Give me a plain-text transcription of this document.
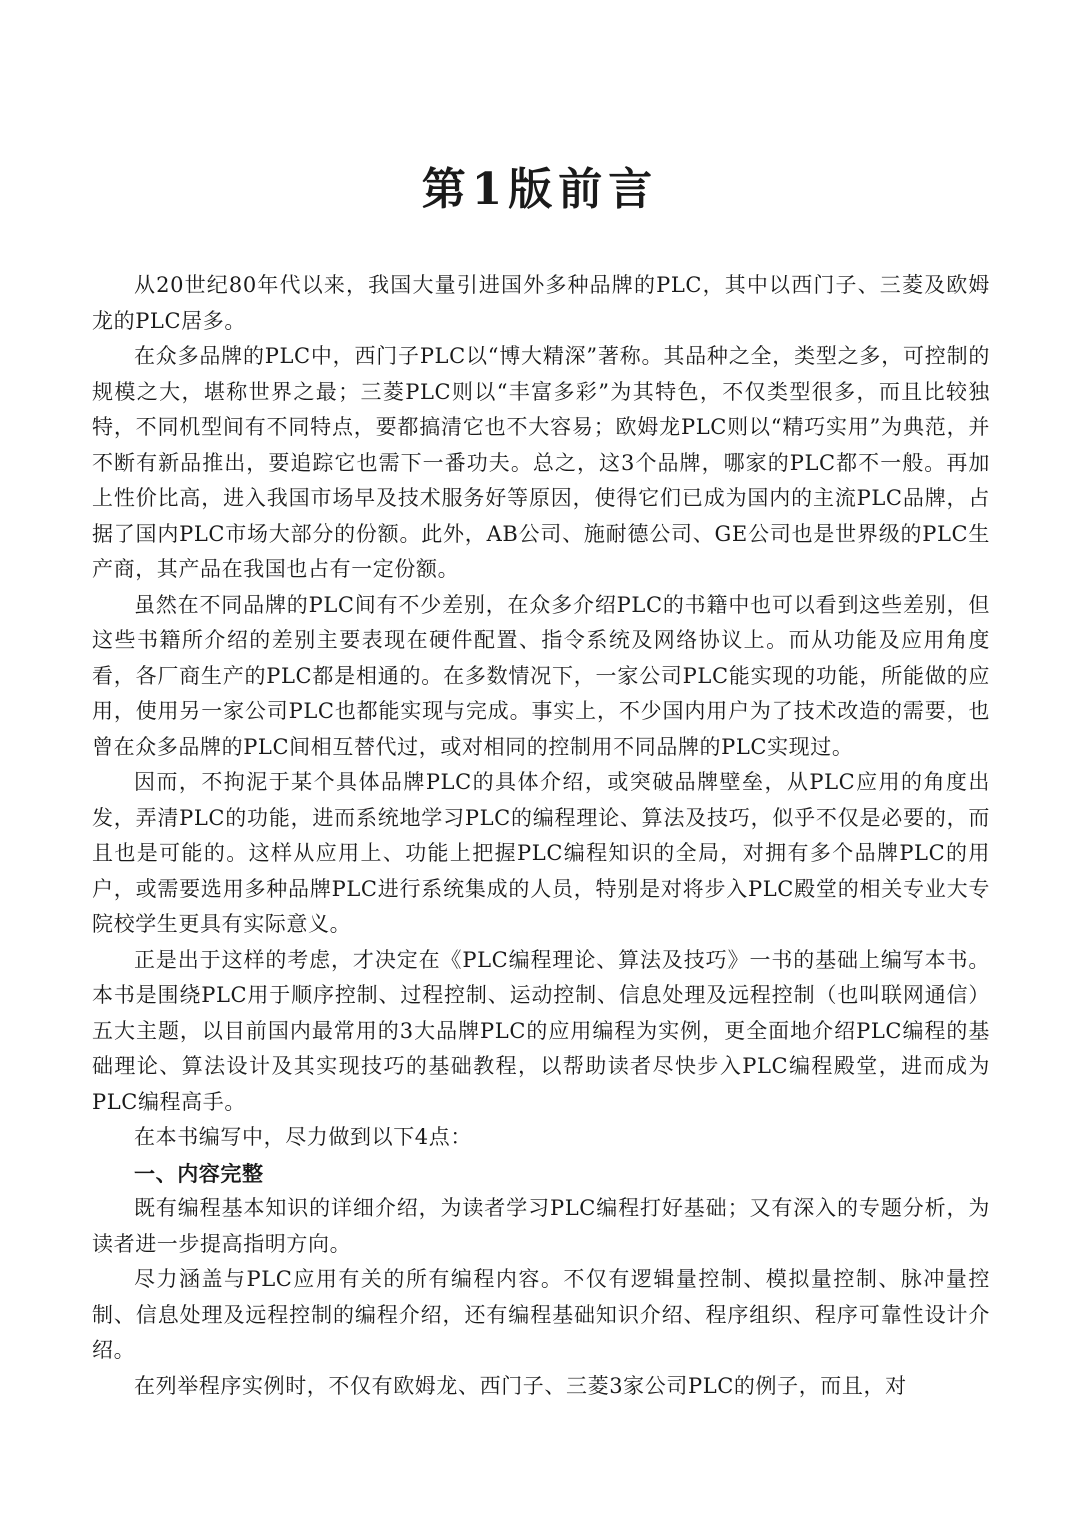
第1版前言

从20世纪80年代以来，我国大量引进国外多种品牌的PLC，其中以西门子、三菱及欧姆龙的PLC居多。

在众多品牌的PLC中，西门子PLC以“博大精深”著称。其品种之全，类型之多，可控制的规模之大，堪称世界之最；三菱PLC则以“丰富多彩”为其特色，不仅类型很多，而且比较独特，不同机型间有不同特点，要都搞清它也不大容易；欧姆龙PLC则以“精巧实用”为典范，并不断有新品推出，要追踪它也需下一番功夫。总之，这3个品牌，哪家的PLC都不一般。再加上性价比高，进入我国市场早及技术服务好等原因，使得它们已成为国内的主流PLC品牌，占据了国内PLC市场大部分的份额。此外，AB公司、施耐德公司、GE公司也是世界级的PLC生产商，其产品在我国也占有一定份额。

虽然在不同品牌的PLC间有不少差别，在众多介绍PLC的书籍中也可以看到这些差别，但这些书籍所介绍的差别主要表现在硬件配置、指令系统及网络协议上。而从功能及应用角度看，各厂商生产的PLC都是相通的。在多数情况下，一家公司PLC能实现的功能，所能做的应用，使用另一家公司PLC也都能实现与完成。事实上，不少国内用户为了技术改造的需要，也曾在众多品牌的PLC间相互替代过，或对相同的控制用不同品牌的PLC实现过。

因而，不拘泥于某个具体品牌PLC的具体介绍，或突破品牌壁垒，从PLC应用的角度出发，弄清PLC的功能，进而系统地学习PLC的编程理论、算法及技巧，似乎不仅是必要的，而且也是可能的。这样从应用上、功能上把握PLC编程知识的全局，对拥有多个品牌PLC的用户，或需要选用多种品牌PLC进行系统集成的人员，特别是对将步入PLC殿堂的相关专业大专院校学生更具有实际意义。

正是出于这样的考虑，才决定在《PLC编程理论、算法及技巧》一书的基础上编写本书。本书是围绕PLC用于顺序控制、过程控制、运动控制、信息处理及远程控制（也叫联网通信）五大主题，以目前国内最常用的3大品牌PLC的应用编程为实例，更全面地介绍PLC编程的基础理论、算法设计及其实现技巧的基础教程，以帮助读者尽快步入PLC编程殿堂，进而成为PLC编程高手。

在本书编写中，尽力做到以下4点：

一、内容完整

既有编程基本知识的详细介绍，为读者学习PLC编程打好基础；又有深入的专题分析，为读者进一步提高指明方向。

尽力涵盖与PLC应用有关的所有编程内容。不仅有逻辑量控制、模拟量控制、脉冲量控制、信息处理及远程控制的编程介绍，还有编程基础知识介绍、程序组织、程序可靠性设计介绍。

在列举程序实例时，不仅有欧姆龙、西门子、三菱3家公司PLC的例子，而且，对
